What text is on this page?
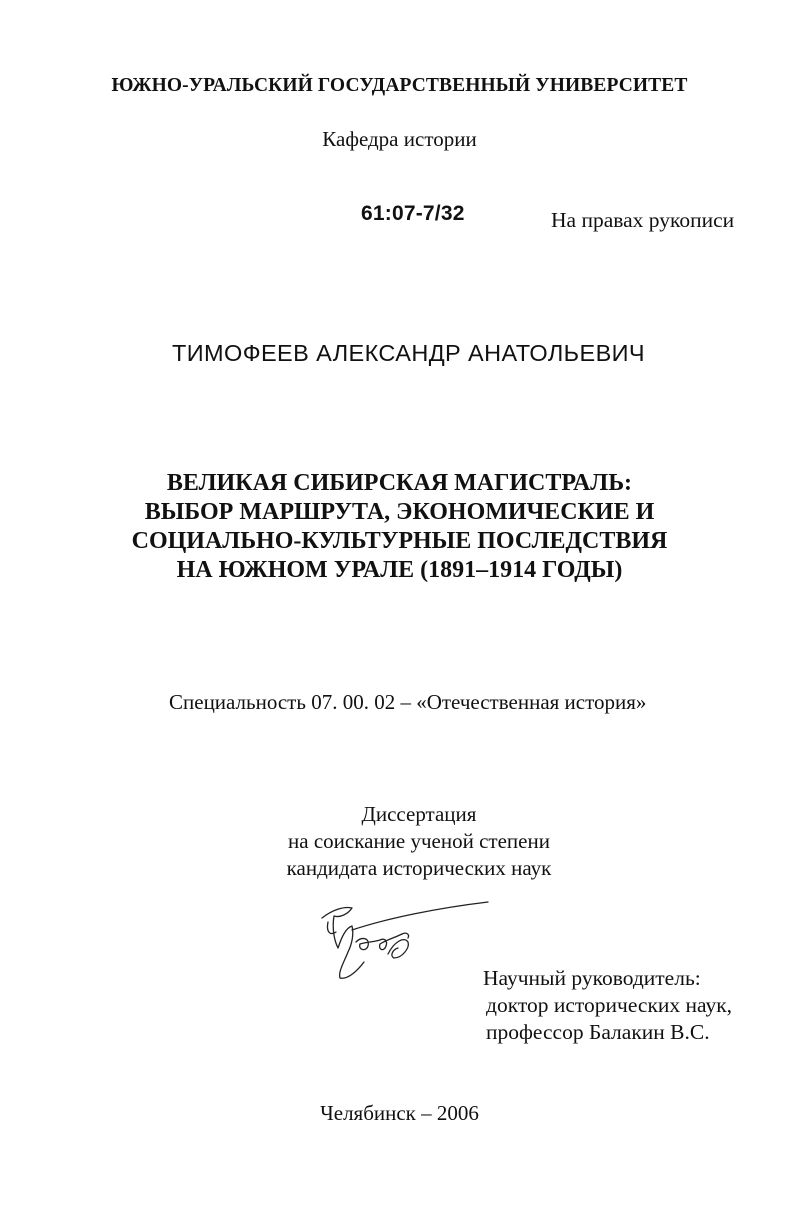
ЮЖНО-УРАЛЬСКИЙ ГОСУДАРСТВЕННЫЙ УНИВЕРСИТЕТ
Кафедра истории
61:07-7/32	На правах рукописи
ТИМОФЕЕВ АЛЕКСАНДР АНАТОЛЬЕВИЧ
ВЕЛИКАЯ СИБИРСКАЯ МАГИСТРАЛЬ:
ВЫБОР МАРШРУТА, ЭКОНОМИЧЕСКИЕ И
СОЦИАЛЬНО-КУЛЬТУРНЫЕ ПОСЛЕДСТВИЯ
НА ЮЖНОМ УРАЛЕ (1891–1914 ГОДЫ)
Специальность 07. 00. 02 – «Отечественная история»
Диссертация
на соискание ученой степени
кандидата исторических наук
Научный руководитель:
доктор исторических наук,
профессор Балакин В.С.
Челябинск – 2006
